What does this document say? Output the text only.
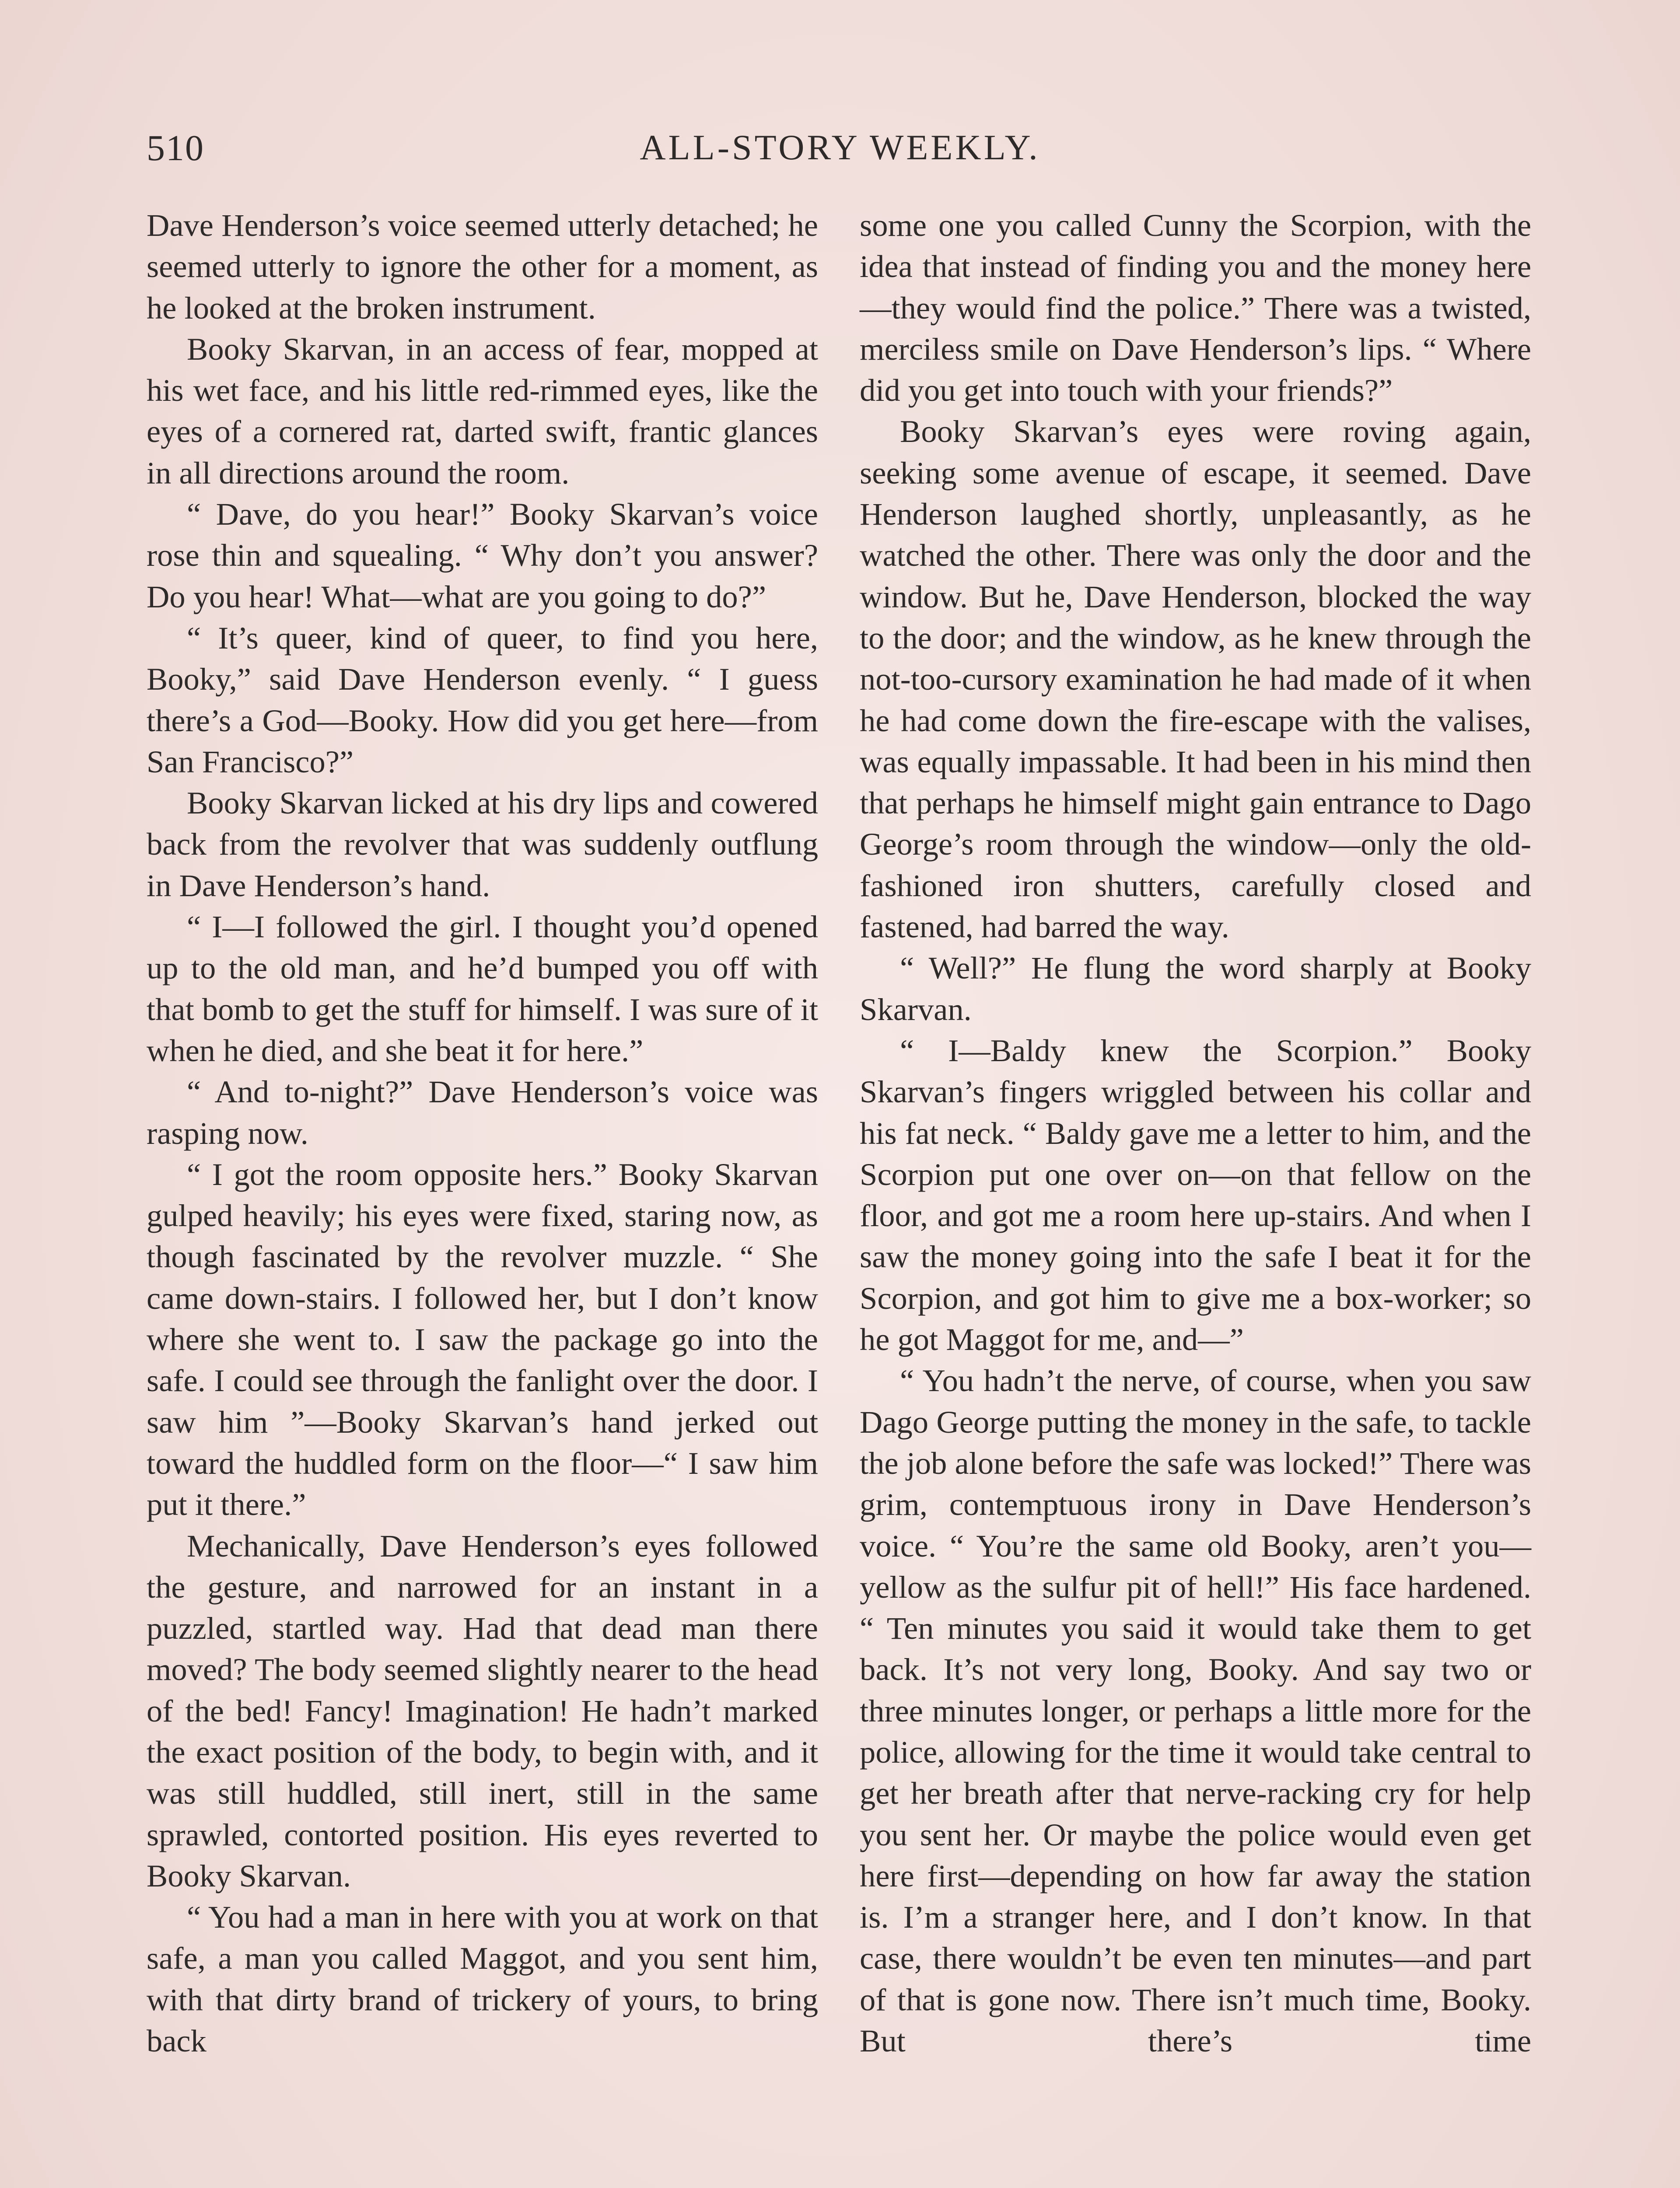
510	ALL-STORY WEEKLY.

Dave Henderson’s voice seemed utterly detached; he seemed utterly to ignore the other for a moment, as he looked at the broken instrument.

Booky Skarvan, in an access of fear, mopped at his wet face, and his little red-rimmed eyes, like the eyes of a cornered rat, darted swift, frantic glances in all directions around the room.

“ Dave, do you hear!” Booky Skarvan’s voice rose thin and squealing. “ Why don’t you answer? Do you hear! What—what are you going to do?”

“ It’s queer, kind of queer, to find you here, Booky,” said Dave Henderson evenly. “ I guess there’s a God—Booky. How did you get here—from San Francisco?”

Booky Skarvan licked at his dry lips and cowered back from the revolver that was suddenly outflung in Dave Henderson’s hand.

“ I—I followed the girl. I thought you’d opened up to the old man, and he’d bumped you off with that bomb to get the stuff for himself. I was sure of it when he died, and she beat it for here.”

“ And to-night?” Dave Henderson’s voice was rasping now.

“ I got the room opposite hers.” Booky Skarvan gulped heavily; his eyes were fixed, staring now, as though fascinated by the revolver muzzle. “ She came down-stairs. I followed her, but I don’t know where she went to. I saw the package go into the safe. I could see through the fanlight over the door. I saw him ”—Booky Skarvan’s hand jerked out toward the huddled form on the floor—“ I saw him put it there.”

Mechanically, Dave Henderson’s eyes followed the gesture, and narrowed for an instant in a puzzled, startled way. Had that dead man there moved? The body seemed slightly nearer to the head of the bed! Fancy! Imagination! He hadn’t marked the exact position of the body, to begin with, and it was still huddled, still inert, still in the same sprawled, contorted position. His eyes reverted to Booky Skarvan.

“ You had a man in here with you at work on that safe, a man you called Maggot, and you sent him, with that dirty brand of trickery of yours, to bring back

some one you called Cunny the Scorpion, with the idea that instead of finding you and the money here—they would find the police.” There was a twisted, merciless smile on Dave Henderson’s lips. “ Where did you get into touch with your friends?”

Booky Skarvan’s eyes were roving again, seeking some avenue of escape, it seemed. Dave Henderson laughed shortly, unpleasantly, as he watched the other. There was only the door and the window. But he, Dave Henderson, blocked the way to the door; and the window, as he knew through the not-too-cursory examination he had made of it when he had come down the fire-escape with the valises, was equally impassable. It had been in his mind then that perhaps he himself might gain entrance to Dago George’s room through the window—only the old-fashioned iron shutters, carefully closed and fastened, had barred the way.

“ Well?” He flung the word sharply at Booky Skarvan.

“ I—Baldy knew the Scorpion.” Booky Skarvan’s fingers wriggled between his collar and his fat neck. “ Baldy gave me a letter to him, and the Scorpion put one over on—on that fellow on the floor, and got me a room here up-stairs. And when I saw the money going into the safe I beat it for the Scorpion, and got him to give me a box-worker; so he got Maggot for me, and—”

“ You hadn’t the nerve, of course, when you saw Dago George putting the money in the safe, to tackle the job alone before the safe was locked!” There was grim, contemptuous irony in Dave Henderson’s voice. “ You’re the same old Booky, aren’t you—yellow as the sulfur pit of hell!” His face hardened. “ Ten minutes you said it would take them to get back. It’s not very long, Booky. And say two or three minutes longer, or perhaps a little more for the police, allowing for the time it would take central to get her breath after that nerve-racking cry for help you sent her. Or maybe the police would even get here first—depending on how far away the station is. I’m a stranger here, and I don’t know. In that case, there wouldn’t be even ten minutes—and part of that is gone now. There isn’t much time, Booky. But there’s time
